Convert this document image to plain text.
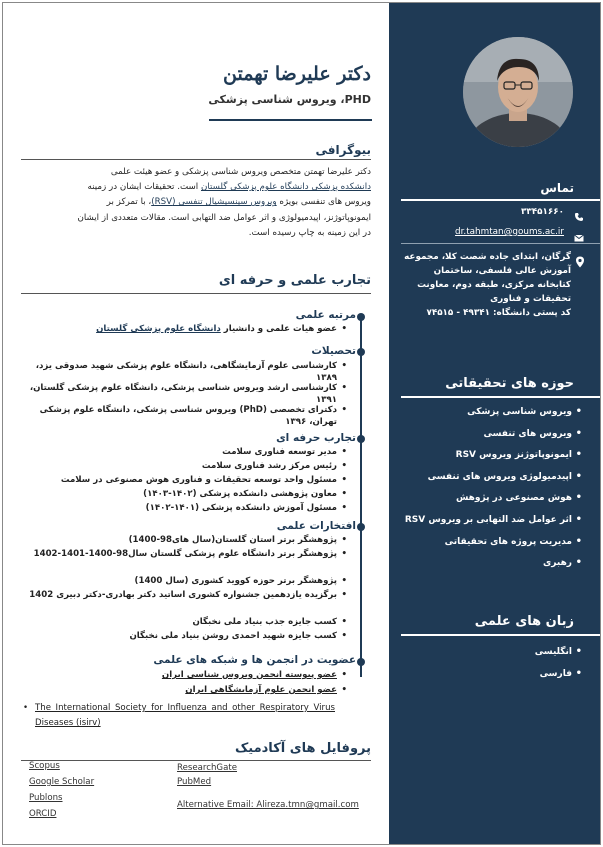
تماس
۳۳۴۵۱۶۶۰
dr.tahmtan@goums.ac.ir
گرگان، ابتدای جاده شصت کلا، مجموعه
آموزش عالی فلسفی، ساختمان
کتابخانه مرکزی، طبقه دوم، معاونت
تحقیقات و فناوری
کد پستی دانشگاه: ۴۹۳۴۱ - ۷۴۵۱۵
حوزه های تحقیقاتی
• ویروس شناسی پزشکی
• ویروس های تنفسی
• ایمونوپاتوژنز ویروس RSV
• اپیدمیولوژی ویروس های تنفسی
• هوش مصنوعی در پژوهش
• اثر عوامل ضد التهابی بر ویروس RSV
• مدیریت پروژه های تحقیقاتی
• رهبری
زبان های علمی
• انگلیسی
• فارسی
دکتر علیرضا تهمتن
PHD، ویروس شناسی پزشکی
بیوگرافی
دکتر علیرضا تهمتن متخصص ویروس شناسی پزشکی و عضو هیئت علمی
دانشکده پزشکی دانشگاه علوم پزشکی گلستان است. تحقیقات ایشان در زمینه
ویروس های تنفسی بویژه ویروس سینسیشیال تنفسی (RSV)، با تمرکز بر
ایمونوپاتوژنز، اپیدمیولوژی و اثر عوامل ضد التهابی است. مقالات متعددی از ایشان
در این زمینه به چاپ رسیده است.
تجارب علمی و حرفه ای
مرتبه علمی
• عضو هیات علمی و دانشیار دانشگاه علوم پزشکی گلستان
تحصیلات
• کارشناسی علوم آزمایشگاهی، دانشگاه علوم پزشکی شهید صدوقی یزد، ۱۳۸۹
• کارشناسی ارشد ویروس شناسی پزشکی، دانشگاه علوم پزشکی گلستان، ۱۳۹۱
• دکترای تخصصی (PhD) ویروس شناسی پزشکی، دانشگاه علوم پزشکی تهران، ۱۳۹۶
تجارب حرفه ای
• مدیر توسعه فناوری سلامت
• رئیس مرکز رشد فناوری سلامت
• مسئول واحد توسعه تحقیقات و فناوری هوش مصنوعی در سلامت
• معاون پژوهشی دانشکده پزشکی (۱۴۰۲-۱۴۰۳)
• مسئول آموزش دانشکده پزشکی (۱۴۰۱-۱۴۰۲)
افتخارات علمی
• پژوهشگر برتر استان گلستان(سال های98-1400)
• پژوهشگر برتر دانشگاه علوم پزشکی گلستان سال98-1400-1401-1402
• پژوهشگر برتر حوزه کووید کشوری (سال 1400)
• برگزیده یازدهمین جشنواره کشوری اساتید دکتر بهادری-دکتر دبیری 1402
• کسب جایزه جذب بنیاد ملی نخبگان
• کسب جایزه شهید احمدی روشن بنیاد ملی نخبگان
عضویت در انجمن ها و شبکه های علمی
• عضو پیوسته انجمن ویروس شناسی ایران
• عضو انجمن علوم آزمایشگاهی ایران
• The International Society for Influenza and other Respiratory Virus Diseases (isirv)
پروفایل های آکادمیک
Scopus
Google Scholar
Publons
ORCID
ResearchGate
PubMed
Alternative Email: Alireza.tmn@gmail.com
